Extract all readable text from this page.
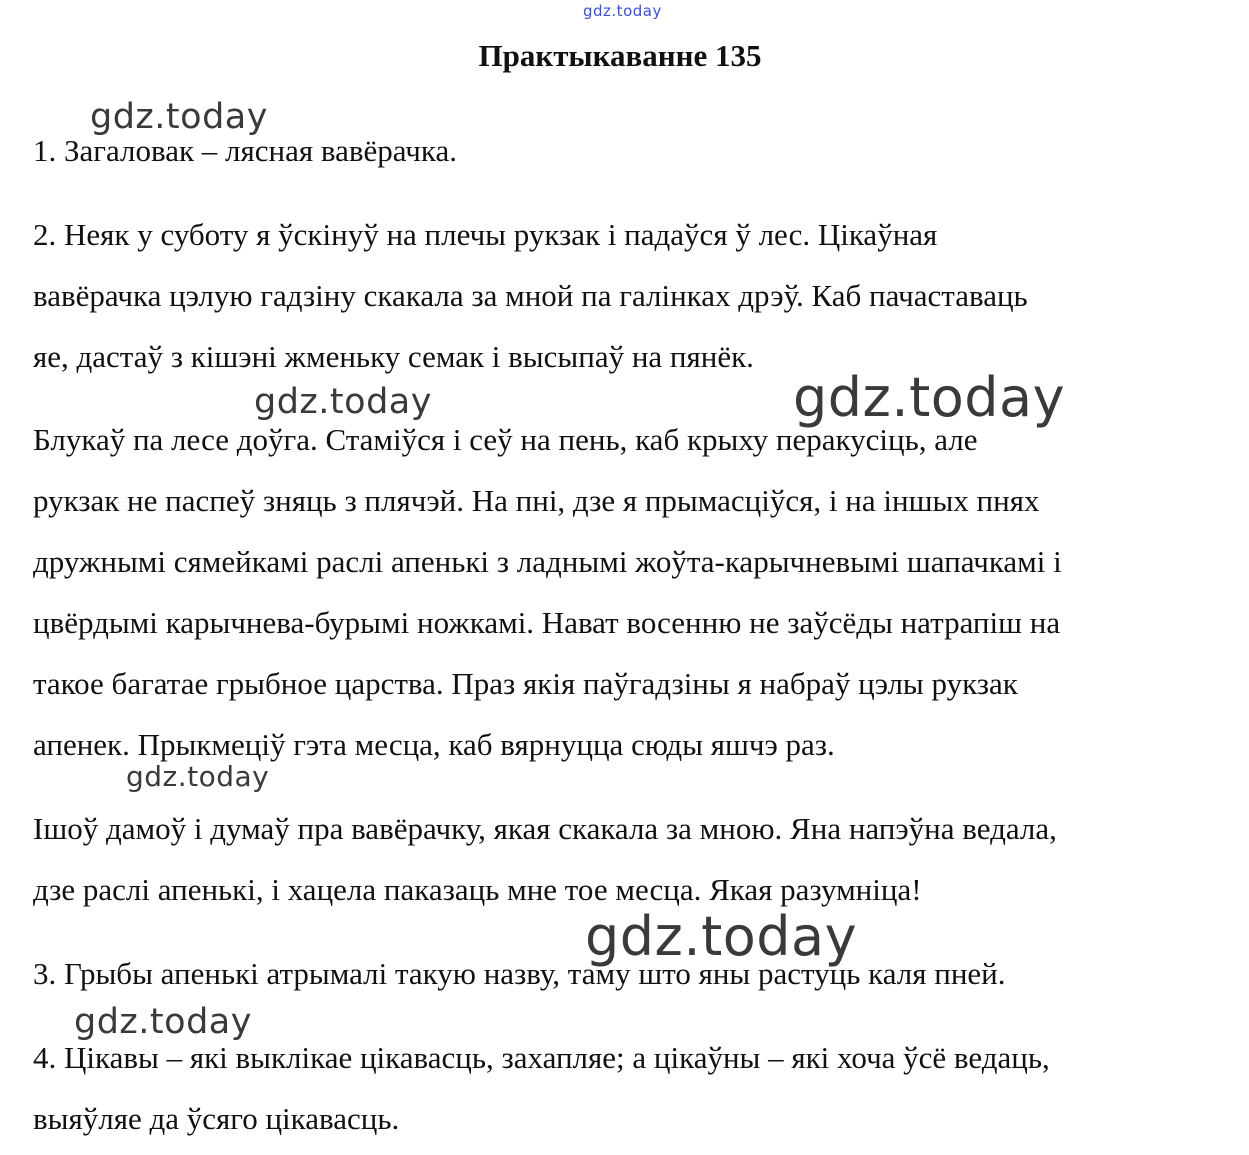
gdz.today
Практыкаванне 135
gdz.today
gdz.today	gdz.today
gdz.today
gdz.today
gdz.today
1. Загаловак – лясная вавёрачка.
2. Неяк у суботу я ўскінуў на плечы рукзак і падаўся ў лес. Цікаўная
вавёрачка цэлую гадзіну скакала за мной па галінках дрэў. Каб пачаставаць
яе, дастаў з кішэні жменьку семак і высыпаў на пянёк.
Блукаў па лесе доўга. Стаміўся і сеў на пень, каб крыху перакусіць, але
рукзак не паспеў зняць з плячэй. На пні, дзе я прымасціўся, і на іншых пнях
дружнымі сямейкамі раслі апенькі з ладнымі жоўта-карычневымі шапачкамі і
цвёрдымі карычнева-бурымі ножкамі. Нават восенню не заўсёды натрапіш на
такое багатае грыбное царства. Праз якія паўгадзіны я набраў цэлы рукзак
апенек. Прыкмеціў гэта месца, каб вярнуцца сюды яшчэ раз.
Ішоў дамоў і думаў пра вавёрачку, якая скакала за мною. Яна напэўна ведала,
дзе раслі апенькі, і хацела паказаць мне тое месца. Якая разумніца!
3. Грыбы апенькі атрымалі такую назву, таму што яны растуць каля пней.
4. Цікавы – які выклікае цікавасць, захапляе; а цікаўны – які хоча ўсё ведаць,
выяўляе да ўсяго цікавасць.
